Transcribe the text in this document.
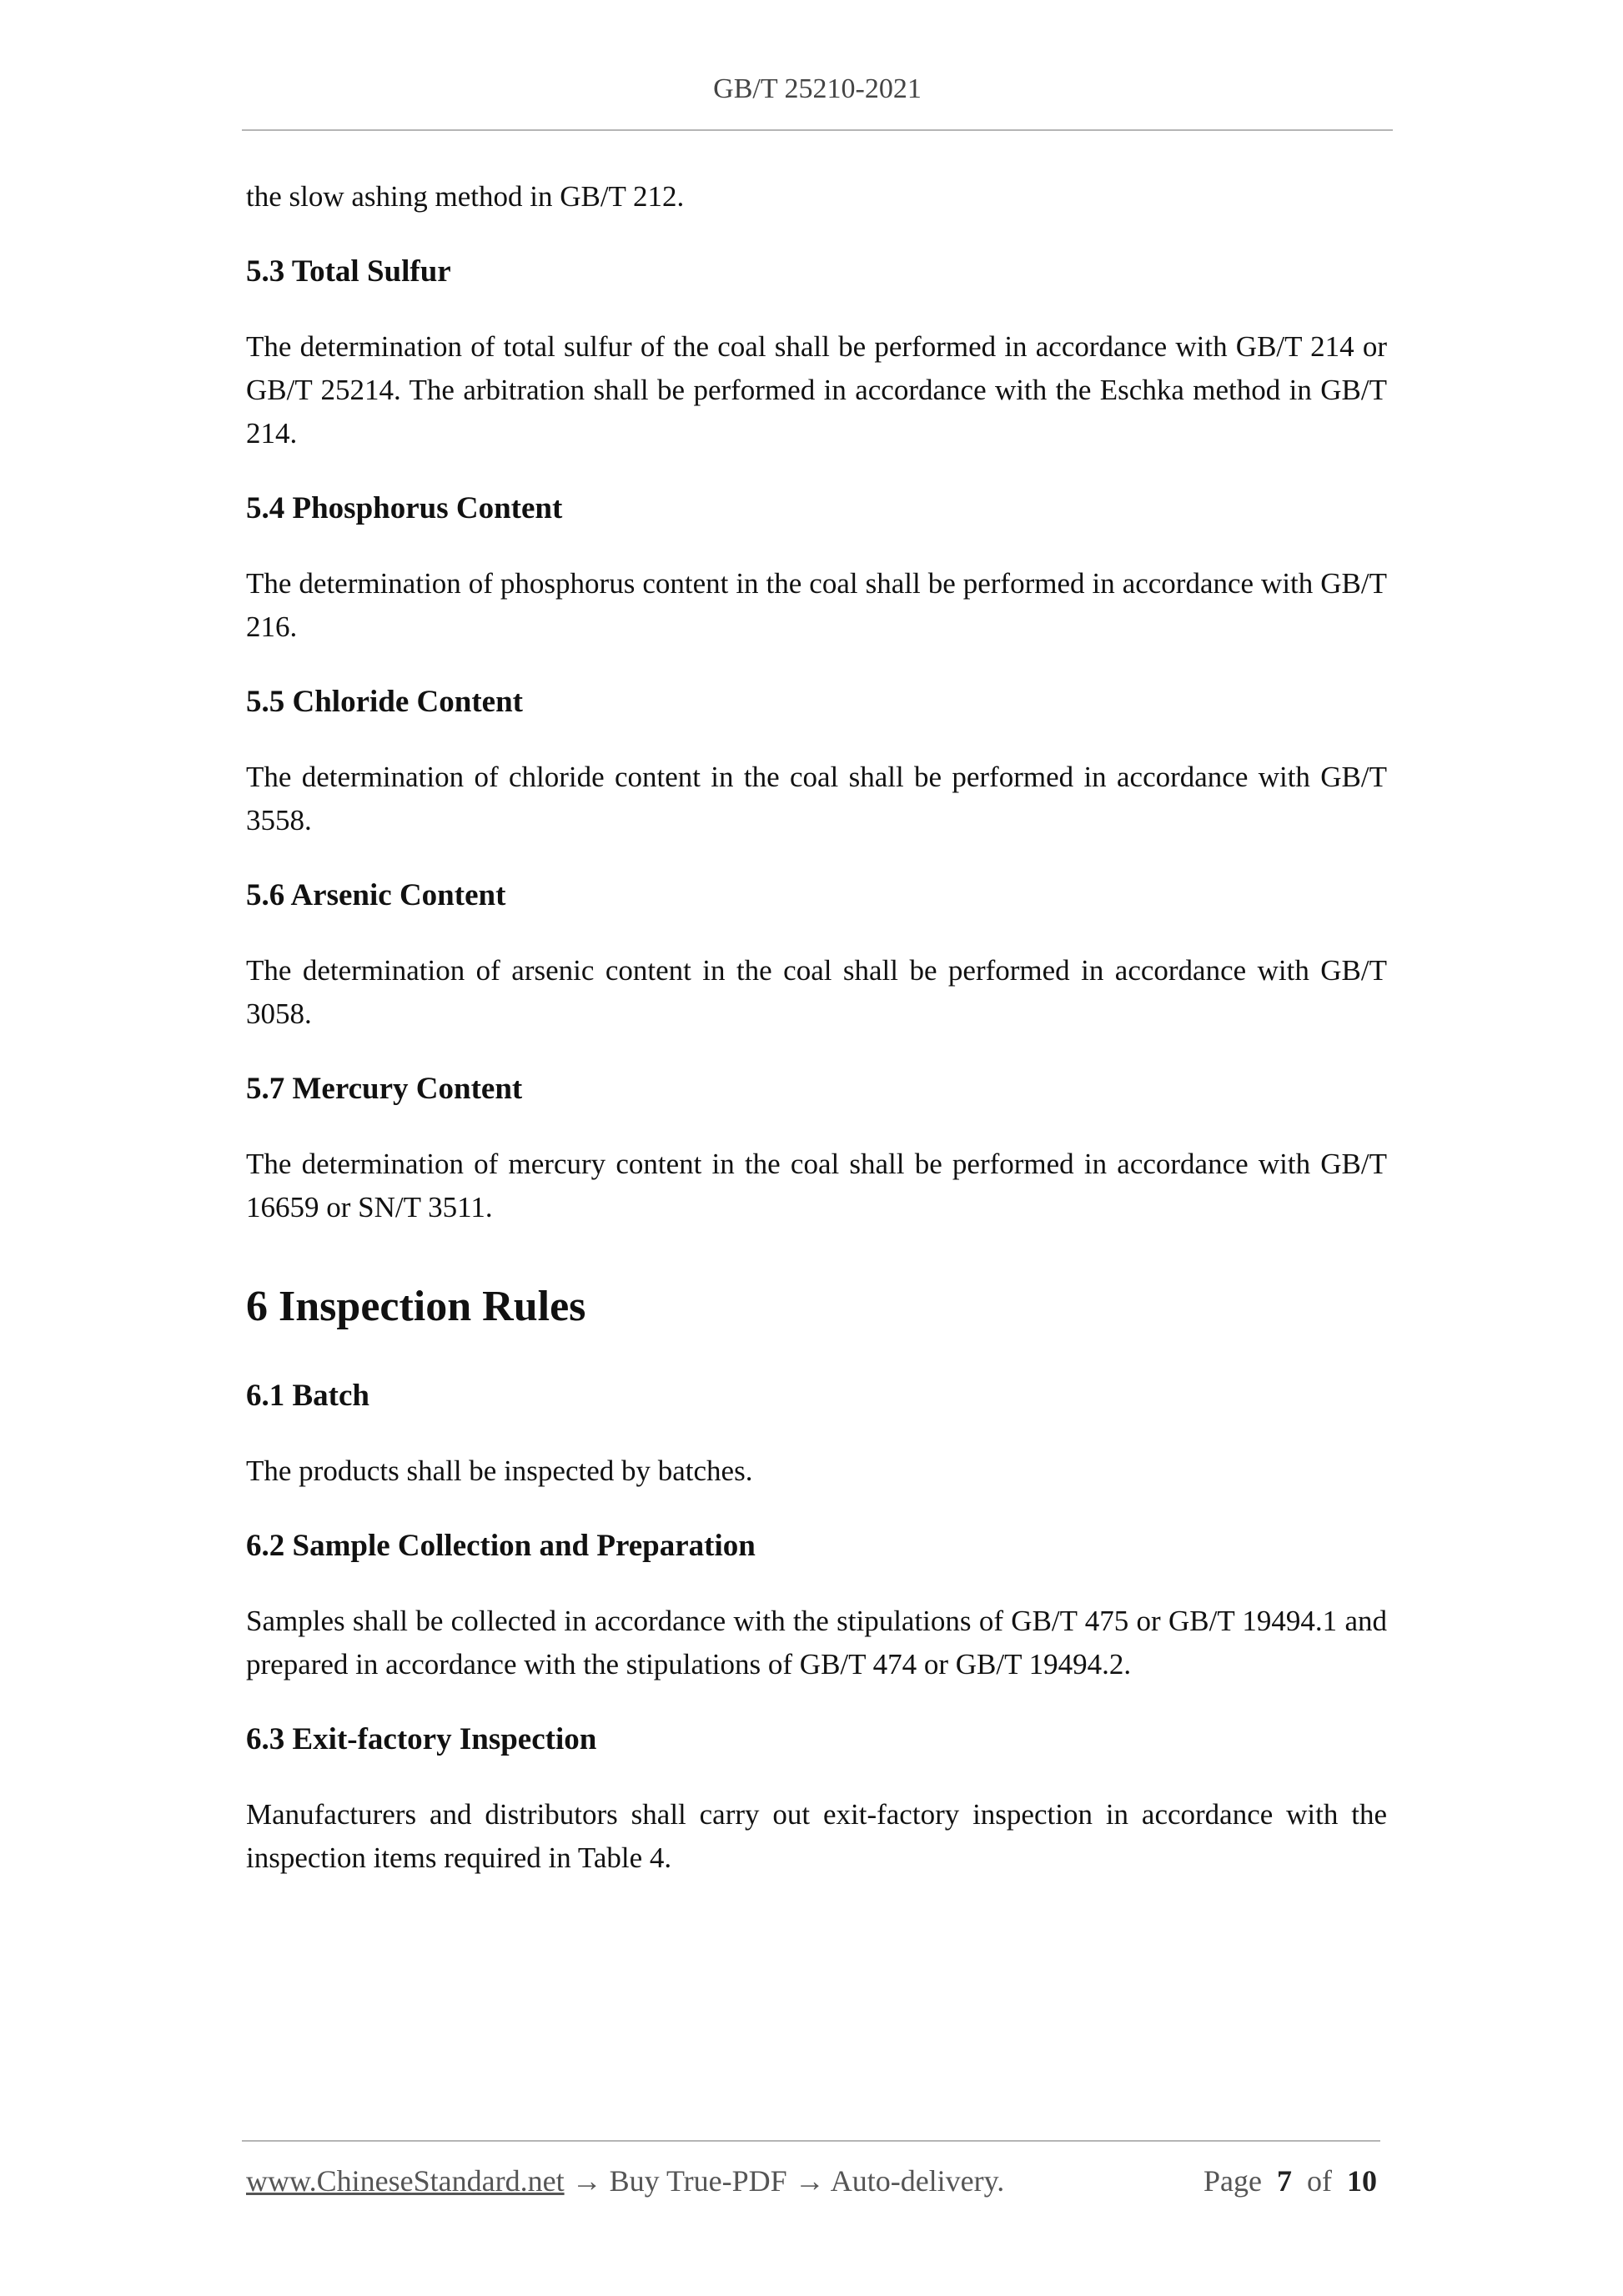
GB/T 25210-2021

the slow ashing method in GB/T 212.

5.3 Total Sulfur

The determination of total sulfur of the coal shall be performed in accordance with GB/T 214 or GB/T 25214. The arbitration shall be performed in accordance with the Eschka method in GB/T 214.

5.4 Phosphorus Content

The determination of phosphorus content in the coal shall be performed in accordance with GB/T 216.

5.5 Chloride Content

The determination of chloride content in the coal shall be performed in accordance with GB/T 3558.

5.6 Arsenic Content

The determination of arsenic content in the coal shall be performed in accordance with GB/T 3058.

5.7 Mercury Content

The determination of mercury content in the coal shall be performed in accordance with GB/T 16659 or SN/T 3511.

6 Inspection Rules
6.1 Batch

The products shall be inspected by batches.

6.2 Sample Collection and Preparation

Samples shall be collected in accordance with the stipulations of GB/T 475 or GB/T 19494.1 and prepared in accordance with the stipulations of GB/T 474 or GB/T 19494.2.

6.3 Exit-factory Inspection

Manufacturers and distributors shall carry out exit-factory inspection in accordance with the inspection items required in Table 4.

www.ChineseStandard.net → Buy True-PDF → Auto-delivery.	Page 7 of 10
